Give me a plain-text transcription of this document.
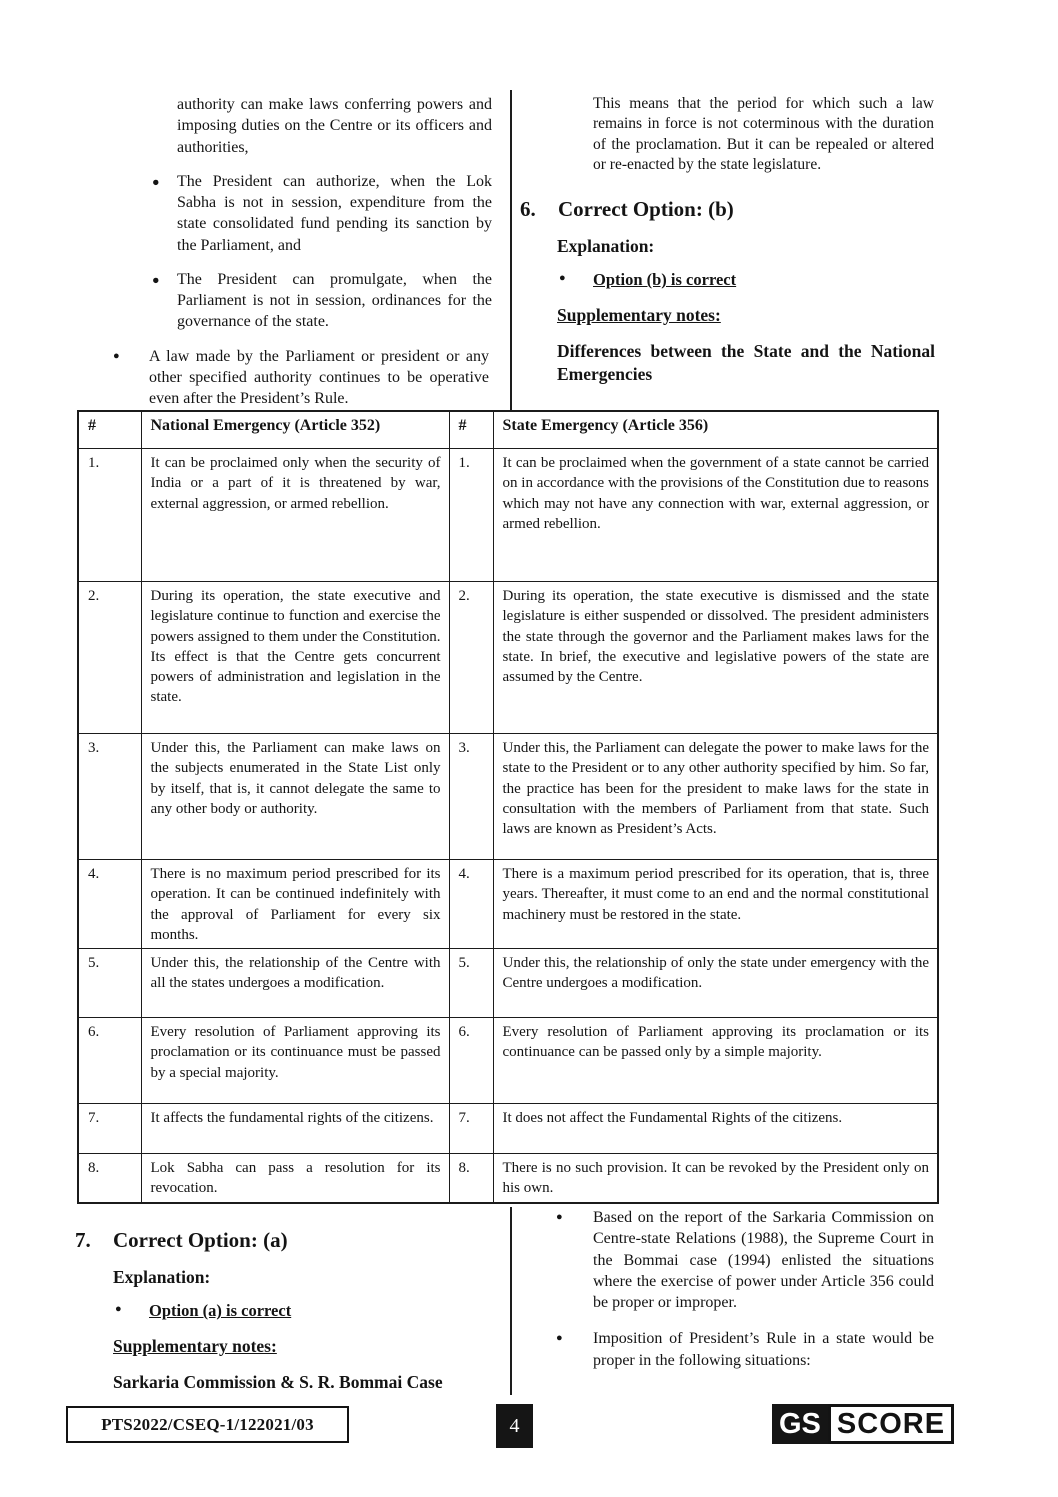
authority can make laws conferring powers and imposing duties on the Centre or its officers and authorities,
●	The President can authorize, when the Lok Sabha is not in session, expenditure from the state consolidated fund pending its sanction by the Parliament, and
●	The President can promulgate, when the Parliament is not in session, ordinances for the governance of the state.
●	A law made by the Parliament or president or any other specified authority continues to be operative even after the President’s Rule.
This means that the period for which such a law remains in force is not coterminous with the duration of the proclamation. But it can be repealed or altered or re-enacted by the state legislature.
6.	Correct Option: (b)
Explanation:
●	Option (b) is correct
Supplementary notes:
Differences between the State and the National Emergencies
#	National Emergency (Article 352)	#	State Emergency (Article 356)
1.	It can be proclaimed only when the security of India or a part of it is threatened by war, external aggression, or armed rebellion.	1.	It can be proclaimed when the government of a state cannot be carried on in accordance with the provisions of the Constitution due to reasons which may not have any connection with war, external aggression, or armed rebellion.
2.	During its operation, the state executive and legislature continue to function and exercise the powers assigned to them under the Constitution. Its effect is that the Centre gets concurrent powers of administration and legislation in the state.	2.	During its operation, the state executive is dismissed and the state legislature is either suspended or dissolved. The president administers the state through the governor and the Parliament makes laws for the state. In brief, the executive and legislative powers of the state are assumed by the Centre.
3.	Under this, the Parliament can make laws on the subjects enumerated in the State List only by itself, that is, it cannot delegate the same to any other body or authority.	3.	Under this, the Parliament can delegate the power to make laws for the state to the President or to any other authority specified by him. So far, the practice has been for the president to make laws for the state in consultation with the members of Parliament from that state. Such laws are known as President’s Acts.
4.	There is no maximum period prescribed for its operation. It can be continued indefinitely with the approval of Parliament for every six months.	4.	There is a maximum period prescribed for its operation, that is, three years. Thereafter, it must come to an end and the normal constitutional machinery must be restored in the state.
5.	Under this, the relationship of the Centre with all the states undergoes a modification.	5.	Under this, the relationship of only the state under emergency with the Centre undergoes a modification.
6.	Every resolution of Parliament approving its proclamation or its continuance must be passed by a special majority.	6.	Every resolution of Parliament approving its proclamation or its continuance can be passed only by a simple majority.
7.	It affects the fundamental rights of the citizens.	7.	It does not affect the Fundamental Rights of the citizens.
8.	Lok Sabha can pass a resolution for its revocation.	8.	There is no such provision. It can be revoked by the President only on his own.
7.	Correct Option: (a)
Explanation:
●	Option (a) is correct
Supplementary notes:
Sarkaria Commission & S. R. Bommai Case
●	Based on the report of the Sarkaria Commission on Centre-state Relations (1988), the Supreme Court in the Bommai case (1994) enlisted the situations where the exercise of power under Article 356 could be proper or improper.
●	Imposition of President’s Rule in a state would be proper in the following situations:
PTS2022/CSEQ-1/122021/03	4	GS SCORE
